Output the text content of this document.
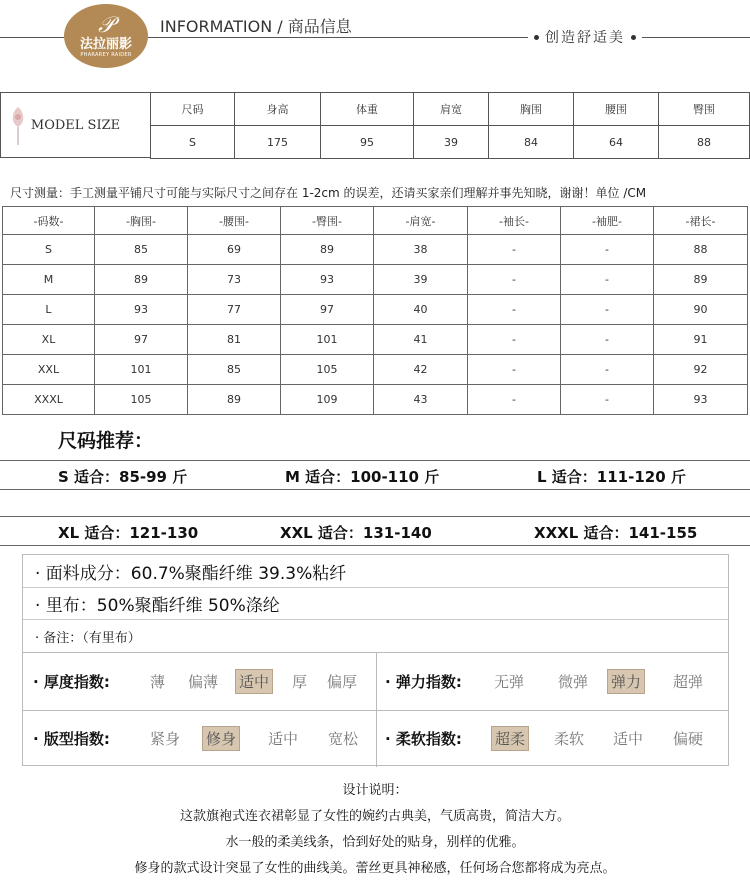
𝒫
法拉丽影
PHARAREY RAIDER
INFORMATION / 商品信息
创造舒适美
MODEL SIZE
尺码	身高	体重	肩宽	胸围	腰围	臀围
S	175	95	39	84	64	88
尺寸测量：手工测量平铺尺寸可能与实际尺寸之间存在 1-2cm 的误差，还请买家亲们理解并事先知晓，谢谢！单位 /CM
-码数-	-胸围-	-腰围-	-臀围-	-肩宽-	-袖长-	-袖肥-	-裙长-
S	85	69	89	38	-	-	88
M	89	73	93	39	-	-	89
L	93	77	97	40	-	-	90
XL	97	81	101	41	-	-	91
XXL	101	85	105	42	-	-	92
XXXL	105	89	109	43	-	-	93
尺码推荐：
S 适合：85-99 斤	M 适合：100-110 斤	L 适合：111-120 斤
XL 适合：121-130	XXL 适合：131-140	XXXL 适合：141-155
· 面料成分：60.7%聚酯纤维 39.3%粘纤
· 里布：50%聚酯纤维 50%涤纶
· 备注：（有里布）
· 厚度指数:	薄 偏薄 适中 厚 偏厚 · 弹力指数: 无弹 微弹 弹力 超弹
· 版型指数:	紧身 修身 适中 宽松 · 柔软指数: 超柔 柔软 适中 偏硬
设计说明：
这款旗袍式连衣裙彰显了女性的婉约古典美，气质高贵，简洁大方。
水一般的柔美线条，恰到好处的贴身，别样的优雅。
修身的款式设计突显了女性的曲线美。蕾丝更具神秘感，任何场合您都将成为亮点。
